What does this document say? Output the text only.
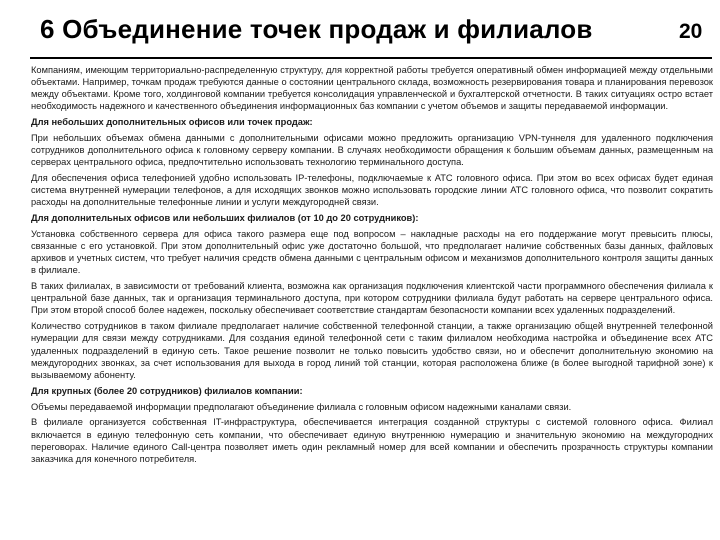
6 Объединение точек продаж и филиалов	20

Компаниям, имеющим территориально-распределенную структуру, для корректной работы требуется оперативный обмен информацией между отдельными объектами. Например, точкам продаж требуются данные о состоянии центрального склада, возможность резервирования товара и планирования перевозок между объектами. Кроме того, холдинговой компании требуется консолидация управленческой и бухгалтерской отчетности. В таких ситуациях остро встает необходимость надежного и качественного объединения информационных баз компании с учетом объемов и защиты передаваемой информации.

Для небольших дополнительных офисов или точек продаж:

При небольших объемах обмена данными с дополнительными офисами можно предложить организацию VPN-туннеля для удаленного подключения сотрудников дополнительного офиса к головному серверу компании. В случаях необходимости обращения к большим объемам данных, размещенным на серверах центрального офиса, предпочтительно использовать технологию терминального доступа.

Для обеспечения офиса телефонией удобно использовать IP-телефоны, подключаемые к АТС головного офиса. При этом во всех офисах будет единая система внутренней нумерации телефонов, а для исходящих звонков можно использовать городские линии АТС головного офиса, что позволит сократить расходы на дополнительные телефонные линии и услуги междугородней связи.

Для дополнительных офисов или небольших филиалов (от 10 до 20 сотрудников):

Установка собственного сервера для офиса такого размера еще под вопросом – накладные расходы на его поддержание могут превысить плюсы, связанные с его установкой. При этом дополнительный офис уже достаточно большой, что предполагает наличие собственных базы данных, файловых архивов и учетных систем, что требует наличия средств обмена данными с центральным офисом и механизмов дополнительного контроля защиты данных в филиале.

В таких филиалах, в зависимости от требований клиента, возможна как организация подключения клиентской части программного обеспечения филиала к центральной базе данных, так и организация терминального доступа, при котором сотрудники филиала будут работать на сервере центрального офиса. При этом второй способ более надежен, поскольку обеспечивает соответствие стандартам безопасности компании всех удаленных подразделений.

Количество сотрудников в таком филиале предполагает наличие собственной телефонной станции, а также организацию общей внутренней телефонной нумерации для связи между сотрудниками. Для создания единой телефонной сети с таким филиалом необходима настройка и объединение всех АТС удаленных подразделений в единую сеть. Такое решение позволит не только повысить удобство связи, но и обеспечит дополнительную экономию на междугородних звонках, за счет использования для выхода в город линий той станции, которая расположена ближе (в более выгодной тарифной зоне) к вызываемому абоненту.

Для крупных (более 20 сотрудников) филиалов компании:

Объемы передаваемой информации предполагают объединение филиала с головным офисом надежными каналами связи.

В филиале организуется собственная IT-инфраструктура, обеспечивается интеграция созданной структуры с системой головного офиса. Филиал включается в единую телефонную сеть компании, что обеспечивает единую внутреннюю нумерацию и значительную экономию на междугородних переговорах. Наличие единого Call-центра позволяет иметь один рекламный номер для всей компании и обеспечить прозрачность структуры компании заказчика для конечного потребителя.
